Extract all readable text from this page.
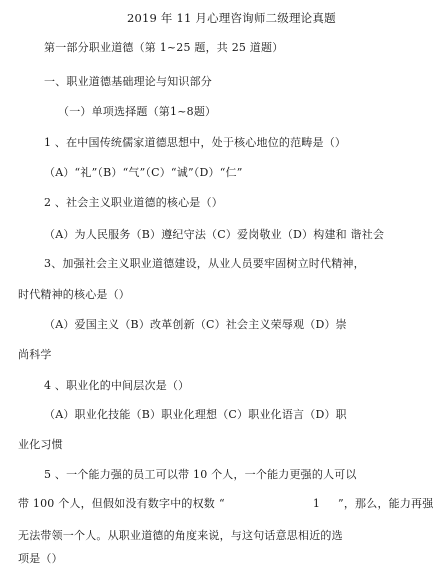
2019 年 11 月心理咨询师二级理论真题
第一部分职业道德（第 1~25 题，共 25 道题）
一、职业道德基础理论与知识部分
（一）单项选择题（第1~8题）
1 、在中国传统儒家道德思想中，处于核心地位的范畴是（）
（A）“礼”（B）“气”（C）“诚”（D）“仁”
2 、社会主义职业道德的核心是（）
（A）为人民服务（B）遵纪守法（C）爱岗敬业（D）构建和 谐社会
3、加强社会主义职业道德建设，从业人员要牢固树立时代精神，
时代精神的核心是（）
（A）爱国主义（B）改革创新（C）社会主义荣辱观（D）崇
尚科学
4 、职业化的中间层次是（）
（A）职业化技能（B）职业化理想（C）职业化语言（D）职
业化习惯
5 、一个能力强的员工可以带 10 个人，一个能力更强的人可以
带 100 个人，但假如没有数字中的权数 “	1 ”，那么，能力再强
无法带领一个人。从职业道德的角度来说，与这句话意思相近的选
项是（）
